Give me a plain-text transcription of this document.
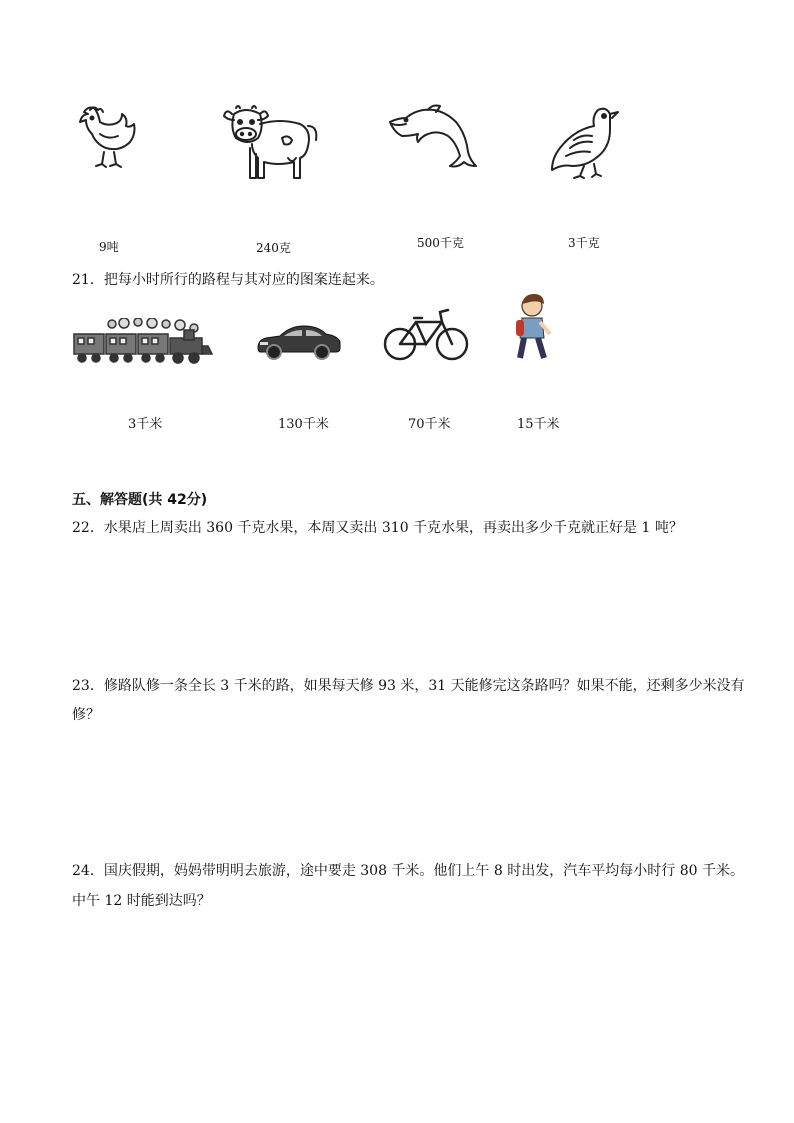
9吨	240克	500千克	3千克
21．把每小时所行的路程与其对应的图案连起来。
3千米	130千米	70千米	15千米
五、解答题(共 42分)
22．水果店上周卖出 360 千克水果，本周又卖出 310 千克水果，再卖出多少千克就正好是 1 吨？
23．修路队修一条全长 3 千米的路，如果每天修 93 米，31 天能修完这条路吗？如果不能，还剩多少米没有
修？
24．国庆假期，妈妈带明明去旅游，途中要走 308 千米。他们上午 8 时出发，汽车平均每小时行 80 千米。
中午 12 时能到达吗？
